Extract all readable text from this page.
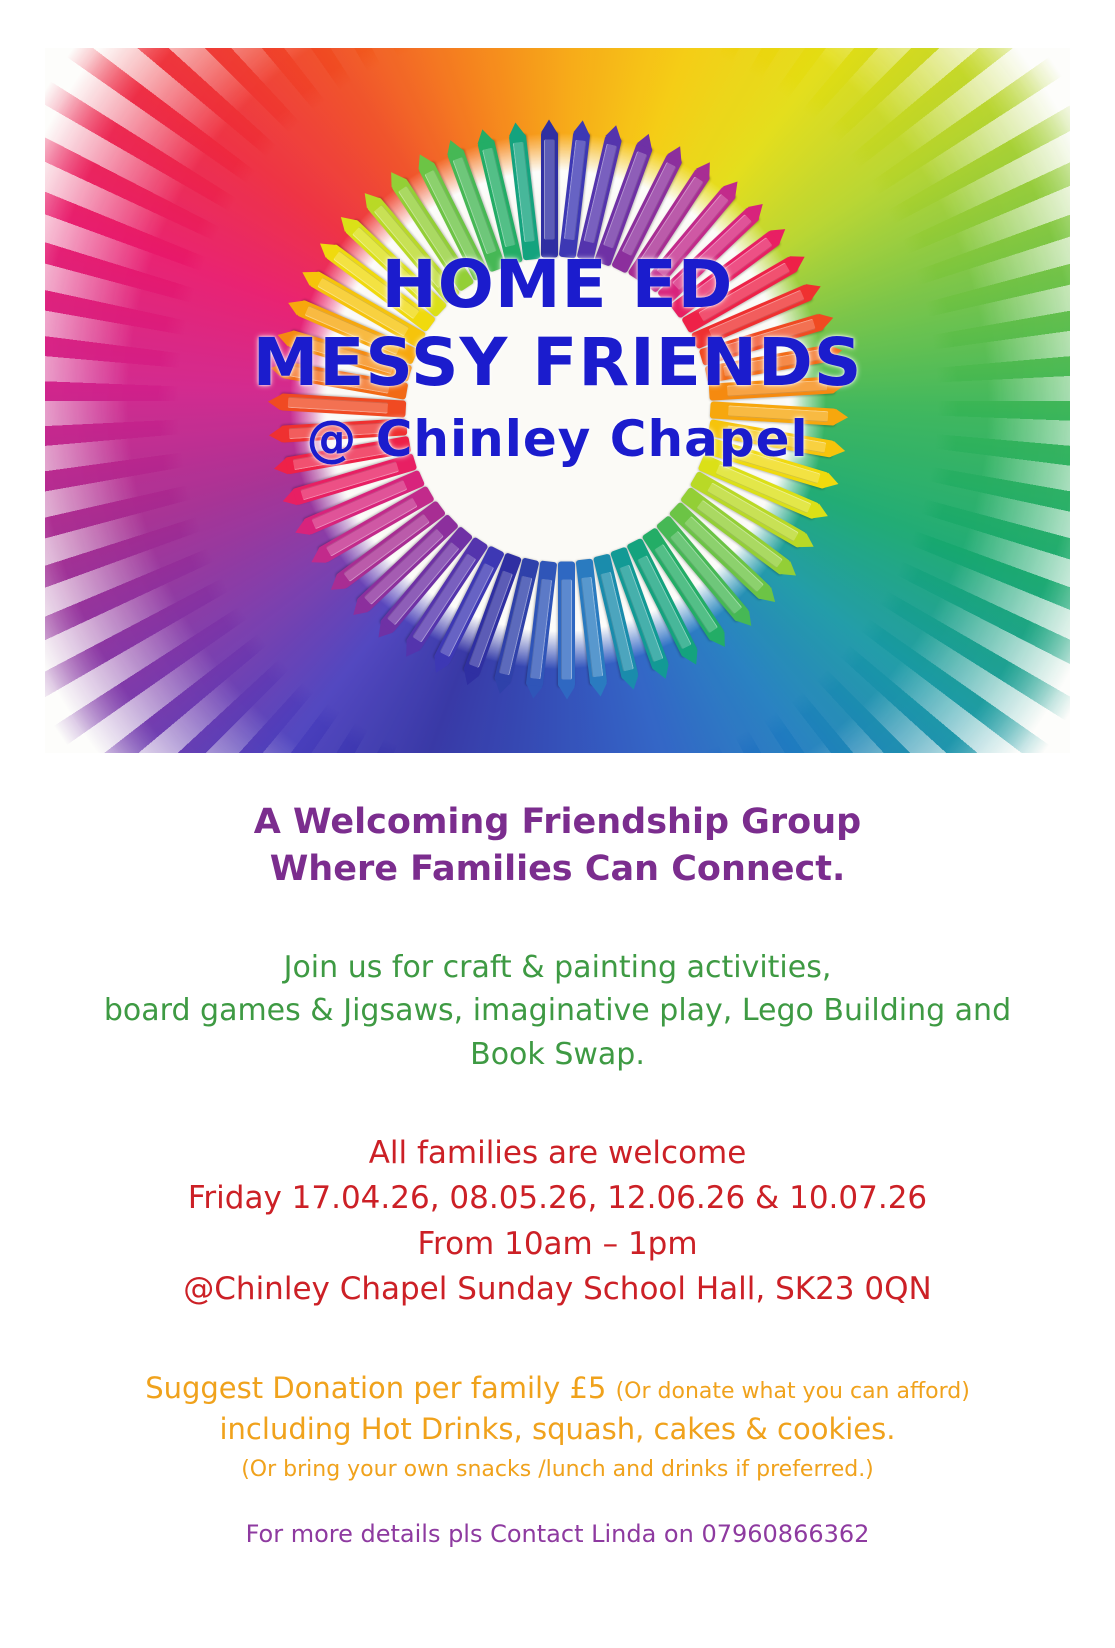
HOME ED
MESSY FRIENDS
@ Chinley Chapel
A Welcoming Friendship Group
Where Families Can Connect.
Join us for craft & painting activities,
board games & Jigsaws, imaginative play, Lego Building and
Book Swap.
All families are welcome
Friday 17.04.26, 08.05.26, 12.06.26 & 10.07.26
From 10am – 1pm
@Chinley Chapel Sunday School Hall, SK23 0QN
Suggest Donation per family £5 (Or donate what you can afford)
including Hot Drinks, squash, cakes & cookies.
(Or bring your own snacks /lunch and drinks if preferred.)
For more details pls Contact Linda on 07960866362
